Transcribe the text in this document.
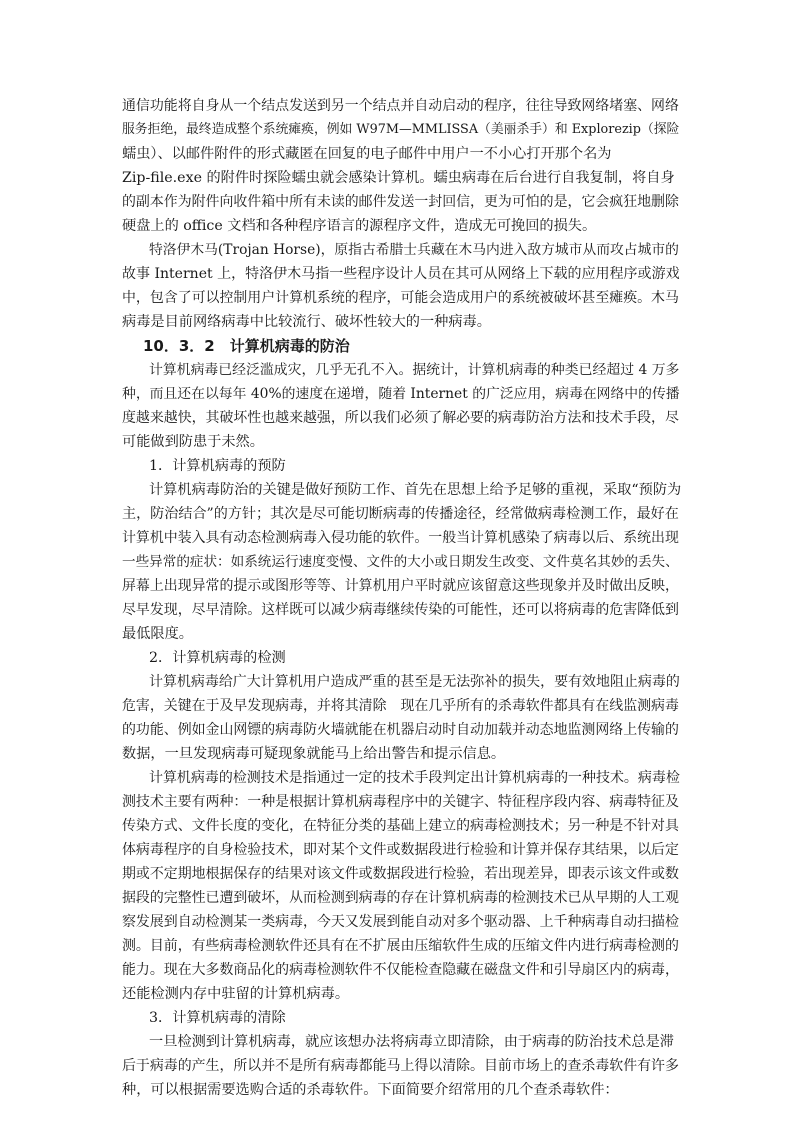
通信功能将自身从一个结点发送到另一个结点并自动启动的程序，往往导致网络堵塞、网络
服务拒绝，最终造成整个系统瘫痪，例如 W97M—MMLISSA（美丽杀手）和 Explorezip（探险
蠕虫）、以邮件附件的形式藏匿在回复的电子邮件中用户一不小心打开那个名为
Zip-file.exe 的附件时探险蠕虫就会感染计算机。蠕虫病毒在后台进行自我复制，将自身
的副本作为附件向收件箱中所有未读的邮件发送一封回信，更为可怕的是，它会疯狂地删除
硬盘上的 office 文档和各种程序语言的源程序文件，造成无可挽回的损失。
特洛伊木马(Trojan Horse)，原指古希腊士兵藏在木马内进入敌方城市从而攻占城市的
故事 Internet 上，特洛伊木马指一些程序设计人员在其可从网络上下载的应用程序或游戏
中，包含了可以控制用户计算机系统的程序，可能会造成用户的系统被破坏甚至瘫痪。木马
病毒是目前网络病毒中比较流行、破坏性较大的一种病毒。
10．3．2　计算机病毒的防治
计算机病毒已经泛滥成灾，几乎无孔不入。据统计，计算机病毒的种类已经超过 4 万多
种，而且还在以每年 40%的速度在递增，随着 Internet 的广泛应用，病毒在网络中的传播
度越来越快，其破坏性也越来越强，所以我们必须了解必要的病毒防治方法和技术手段，尽
可能做到防患于未然。
1．计算机病毒的预防
计算机病毒防治的关键是做好预防工作、首先在思想上给予足够的重视，采取“预防为
主，防治结合”的方针；其次是尽可能切断病毒的传播途径，经常做病毒检测工作，最好在
计算机中装入具有动态检测病毒入侵功能的软件。一般当计算机感染了病毒以后、系统出现
一些异常的症状：如系统运行速度变慢、文件的大小或日期发生改变、文件莫名其妙的丢失、
屏幕上出现异常的提示或图形等等、计算机用户平时就应该留意这些现象并及时做出反映，
尽早发现，尽早清除。这样既可以减少病毒继续传染的可能性，还可以将病毒的危害降低到
最低限度。
2．计算机病毒的检测
计算机病毒给广大计算机用户造成严重的甚至是无法弥补的损失，要有效地阻止病毒的
危害，关键在于及早发现病毒，并将其清除　现在几乎所有的杀毒软件都具有在线监测病毒
的功能、例如金山网镖的病毒防火墙就能在机器启动时自动加载并动态地监测网络上传输的
数据，一旦发现病毒可疑现象就能马上给出警告和提示信息。
计算机病毒的检测技术是指通过一定的技术手段判定出计算机病毒的一种技术。病毒检
测技术主要有两种：一种是根据计算机病毒程序中的关键字、特征程序段内容、病毒特征及
传染方式、文件长度的变化，在特征分类的基础上建立的病毒检测技术；另一种是不针对具
体病毒程序的自身检验技术，即对某个文件或数据段进行检验和计算并保存其结果，以后定
期或不定期地根据保存的结果对该文件或数据段进行检验，若出现差异，即表示该文件或数
据段的完整性已遭到破坏，从而检测到病毒的存在计算机病毒的检测技术已从早期的人工观
察发展到自动检测某一类病毒，今天又发展到能自动对多个驱动器、上千种病毒自动扫描检
测。目前，有些病毒检测软件还具有在不扩展由压缩软件生成的压缩文件内进行病毒检测的
能力。现在大多数商品化的病毒检测软件不仅能检查隐藏在磁盘文件和引导扇区内的病毒，
还能检测内存中驻留的计算机病毒。
3．计算机病毒的清除
一旦检测到计算机病毒，就应该想办法将病毒立即清除，由于病毒的防治技术总是滞
后于病毒的产生，所以并不是所有病毒都能马上得以清除。目前市场上的查杀毒软件有许多
种，可以根据需要选购合适的杀毒软件。下面简要介绍常用的几个查杀毒软件：
